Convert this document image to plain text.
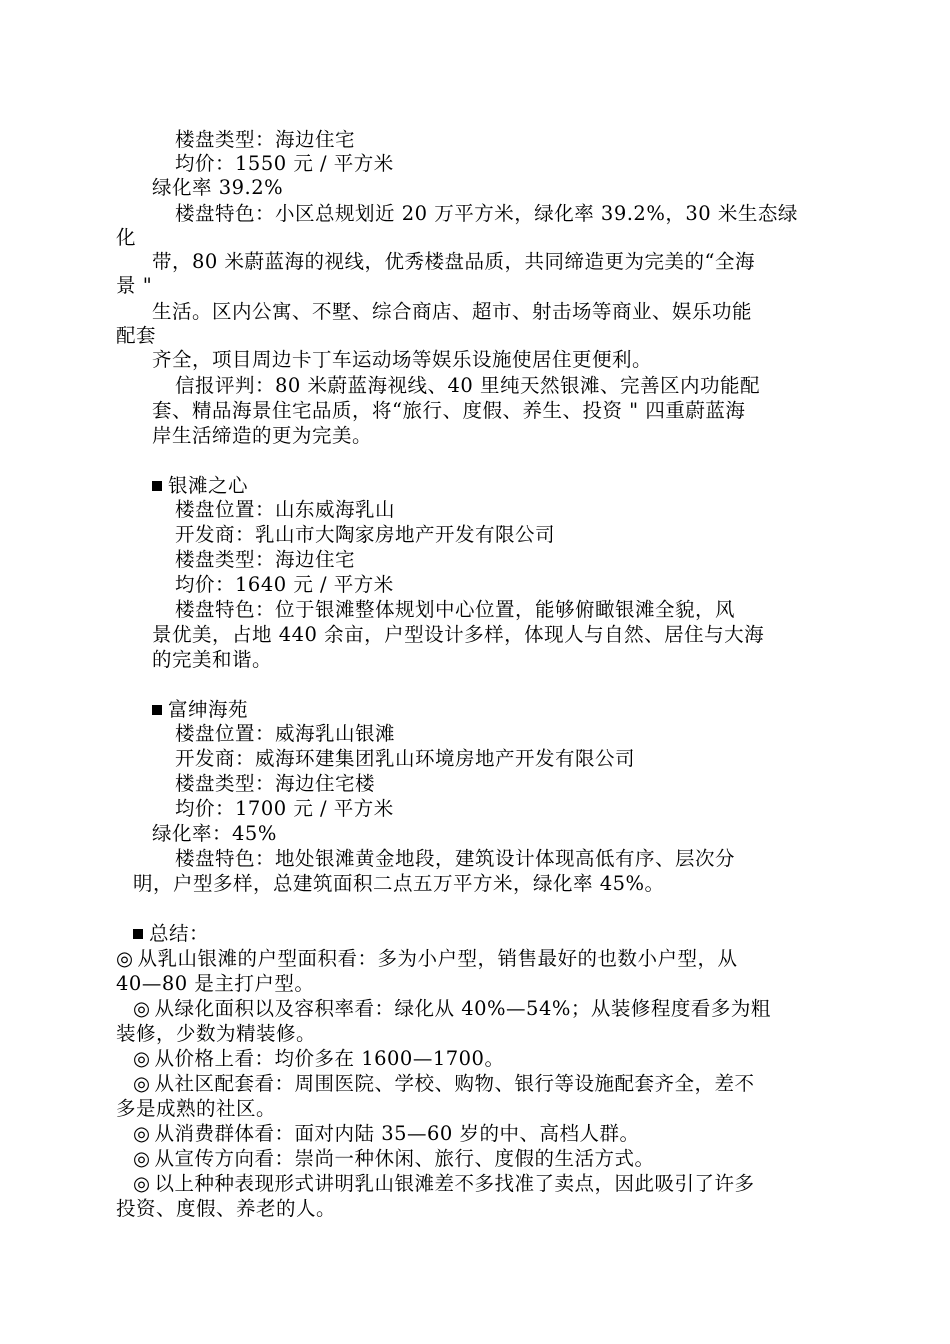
楼盘类型：海边住宅
均价：1550 元 / 平方米
绿化率 39.2%
楼盘特色：小区总规划近 20 万平方米，绿化率 39.2%，30 米生态绿
化
带，80 米蔚蓝海的视线，优秀楼盘品质，共同缔造更为完美的“全海
景 "
生活。区内公寓、不墅、综合商店、超市、射击场等商业、娱乐功能
配套
齐全，项目周边卡丁车运动场等娱乐设施使居住更便利。
信报评判：80 米蔚蓝海视线、40 里纯天然银滩、完善区内功能配
套、精品海景住宅品质，将“旅行、度假、养生、投资 " 四重蔚蓝海
岸生活缔造的更为完美。
银滩之心
楼盘位置：山东威海乳山
开发商：乳山市大陶家房地产开发有限公司
楼盘类型：海边住宅
均价：1640 元 / 平方米
楼盘特色：位于银滩整体规划中心位置，能够俯瞰银滩全貌，风
景优美，占地 440 余亩，户型设计多样，体现人与自然、居住与大海
的完美和谐。
富绅海苑
楼盘位置：威海乳山银滩
开发商：威海环建集团乳山环境房地产开发有限公司
楼盘类型：海边住宅楼
均价：1700 元 / 平方米
绿化率：45%
楼盘特色：地处银滩黄金地段，建筑设计体现高低有序、层次分
明，户型多样，总建筑面积二点五万平方米，绿化率 45%。
总结：
◎ 从乳山银滩的户型面积看：多为小户型，销售最好的也数小户型，从
40—80 是主打户型。
◎ 从绿化面积以及容积率看：绿化从 40%—54%；从装修程度看多为粗
装修，少数为精装修。
◎ 从价格上看：均价多在 1600—1700。
◎ 从社区配套看：周围医院、学校、购物、银行等设施配套齐全，差不
多是成熟的社区。
◎ 从消费群体看：面对内陆 35—60 岁的中、高档人群。
◎ 从宣传方向看：崇尚一种休闲、旅行、度假的生活方式。
◎ 以上种种表现形式讲明乳山银滩差不多找准了卖点，因此吸引了许多
投资、度假、养老的人。
